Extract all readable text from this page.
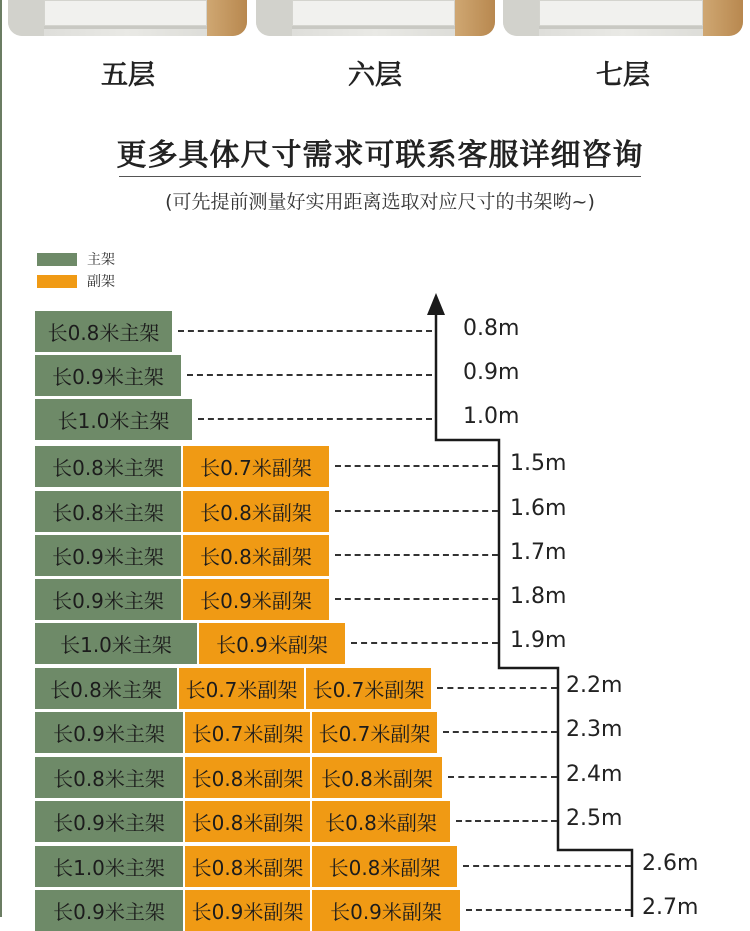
五层	六层	七层
更多具体尺寸需求可联系客服详细咨询
(可先提前测量好实用距离选取对应尺寸的书架哟~)
主架
副架
长0.8米主架	0.8m
长0.9米主架	0.9m
长1.0米主架	1.0m
长0.8米主架	长0.7米副架	1.5m
长0.8米主架	长0.8米副架	1.6m
长0.9米主架	长0.8米副架	1.7m
长0.9米主架	长0.9米副架	1.8m
长1.0米主架	长0.9米副架	1.9m
长0.8米主架	长0.7米副架 长0.7米副架	2.2m
长0.9米主架	长0.7米副架 长0.7米副架	2.3m
长0.8米主架	长0.8米副架 长0.8米副架	2.4m
长0.9米主架	长0.8米副架	长0.8米副架	2.5m
长1.0米主架	长0.8米副架	长0.8米副架	2.6m
长0.9米主架	长0.9米副架	长0.9米副架	2.7m
